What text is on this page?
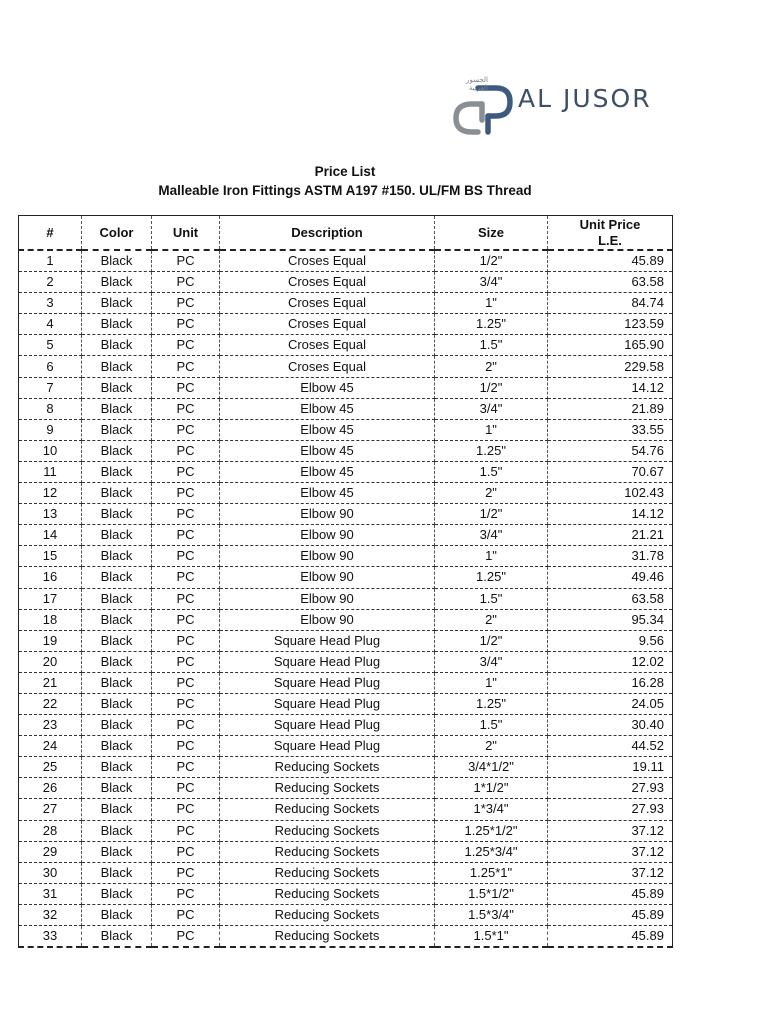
الجسور
العربية AL JUSOR
Price List
Malleable Iron Fittings ASTM A197 #150. UL/FM BS Thread
#	Color	Unit	Description	Size	Unit Price
L.E.
1	Black	PC	Croses Equal	1/2"	45.89
2	Black	PC	Croses Equal	3/4"	63.58
3	Black	PC	Croses Equal	1"	84.74
4	Black	PC	Croses Equal	1.25"	123.59
5	Black	PC	Croses Equal	1.5"	165.90
6	Black	PC	Croses Equal	2"	229.58
7	Black	PC	Elbow 45	1/2"	14.12
8	Black	PC	Elbow 45	3/4"	21.89
9	Black	PC	Elbow 45	1"	33.55
10	Black	PC	Elbow 45	1.25"	54.76
11	Black	PC	Elbow 45	1.5"	70.67
12	Black	PC	Elbow 45	2"	102.43
13	Black	PC	Elbow 90	1/2"	14.12
14	Black	PC	Elbow 90	3/4"	21.21
15	Black	PC	Elbow 90	1"	31.78
16	Black	PC	Elbow 90	1.25"	49.46
17	Black	PC	Elbow 90	1.5"	63.58
18	Black	PC	Elbow 90	2"	95.34
19	Black	PC	Square Head Plug	1/2"	9.56
20	Black	PC	Square Head Plug	3/4"	12.02
21	Black	PC	Square Head Plug	1"	16.28
22	Black	PC	Square Head Plug	1.25"	24.05
23	Black	PC	Square Head Plug	1.5"	30.40
24	Black	PC	Square Head Plug	2"	44.52
25	Black	PC	Reducing Sockets	3/4*1/2"	19.11
26	Black	PC	Reducing Sockets	1*1/2"	27.93
27	Black	PC	Reducing Sockets	1*3/4"	27.93
28	Black	PC	Reducing Sockets	1.25*1/2"	37.12
29	Black	PC	Reducing Sockets	1.25*3/4"	37.12
30	Black	PC	Reducing Sockets	1.25*1"	37.12
31	Black	PC	Reducing Sockets	1.5*1/2"	45.89
32	Black	PC	Reducing Sockets	1.5*3/4"	45.89
33	Black	PC	Reducing Sockets	1.5*1"	45.89
